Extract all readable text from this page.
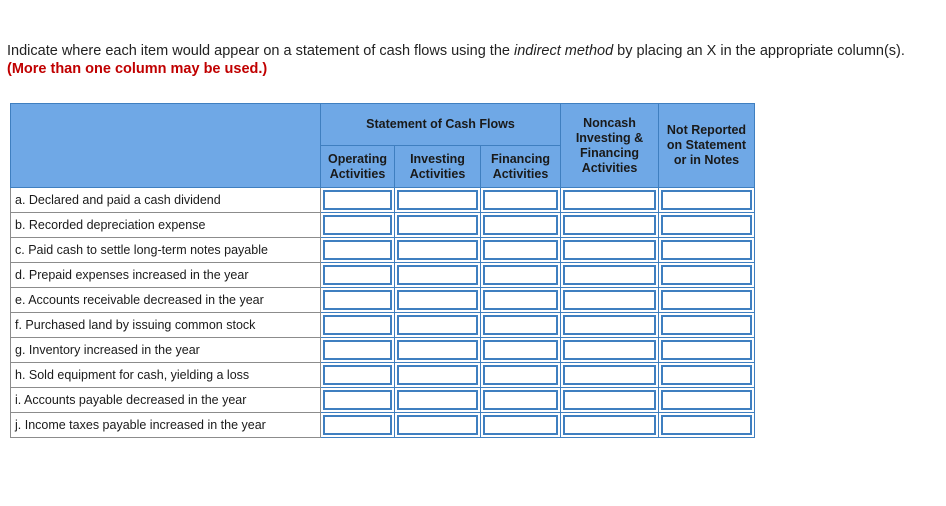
Indicate where each item would appear on a statement of cash flows using the indirect method by placing an X in the appropriate column(s). (More than one column may be used.)
	Statement of Cash Flows			Noncash Investing & Financing Activities	Not Reported on Statement or in Notes

	Operating Activities	Investing Activities	Financing Activities		

a. Declared and paid a cash dividend	

b. Recorded depreciation expense	

c. Paid cash to settle long-term notes payable	

d. Prepaid expenses increased in the year	

e. Accounts receivable decreased in the year	

f. Purchased land by issuing common stock	

g. Inventory increased in the year	

h. Sold equipment for cash, yielding a loss	

i. Accounts payable decreased in the year	

j. Income taxes payable increased in the year	
